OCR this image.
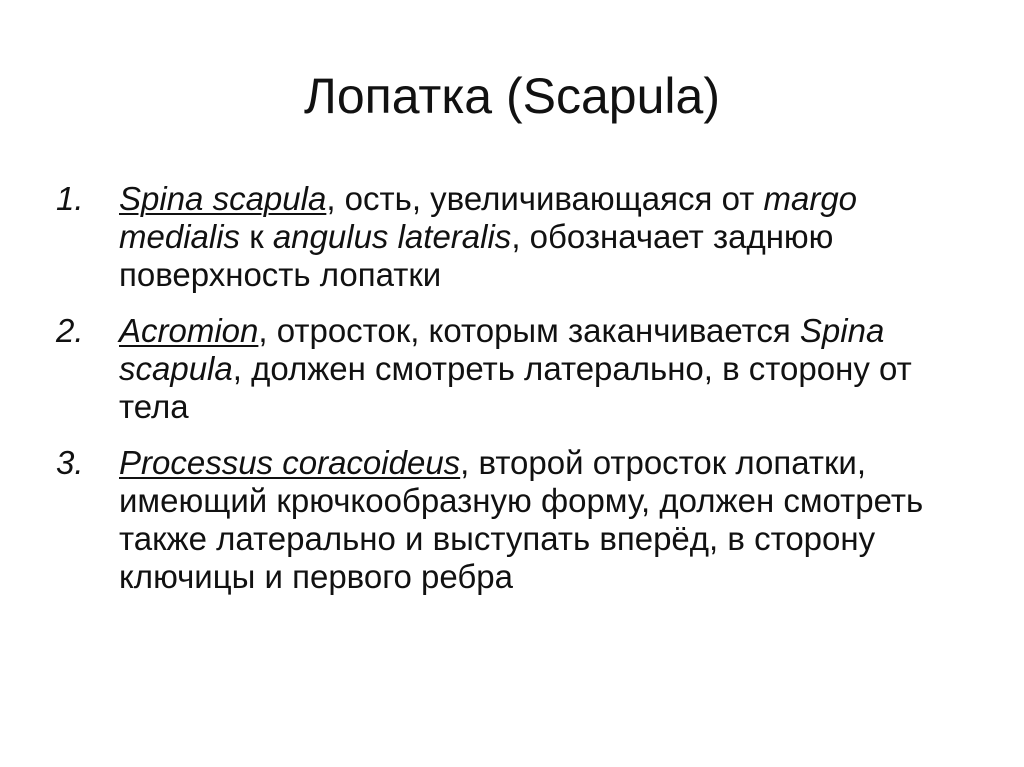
Лопатка (Scapula)
1. Spina scapula, ость, увеличивающаяся от margo medialis к angulus lateralis, обозначает заднюю поверхность лопатки
2. Acromion, отросток, которым заканчивается Spina scapula, должен смотреть латерально, в сторону от тела
3. Processus coracoideus, второй отросток лопатки, имеющий крючкообразную форму, должен смотреть также латерально и выступать вперёд, в сторону ключицы и первого ребра
